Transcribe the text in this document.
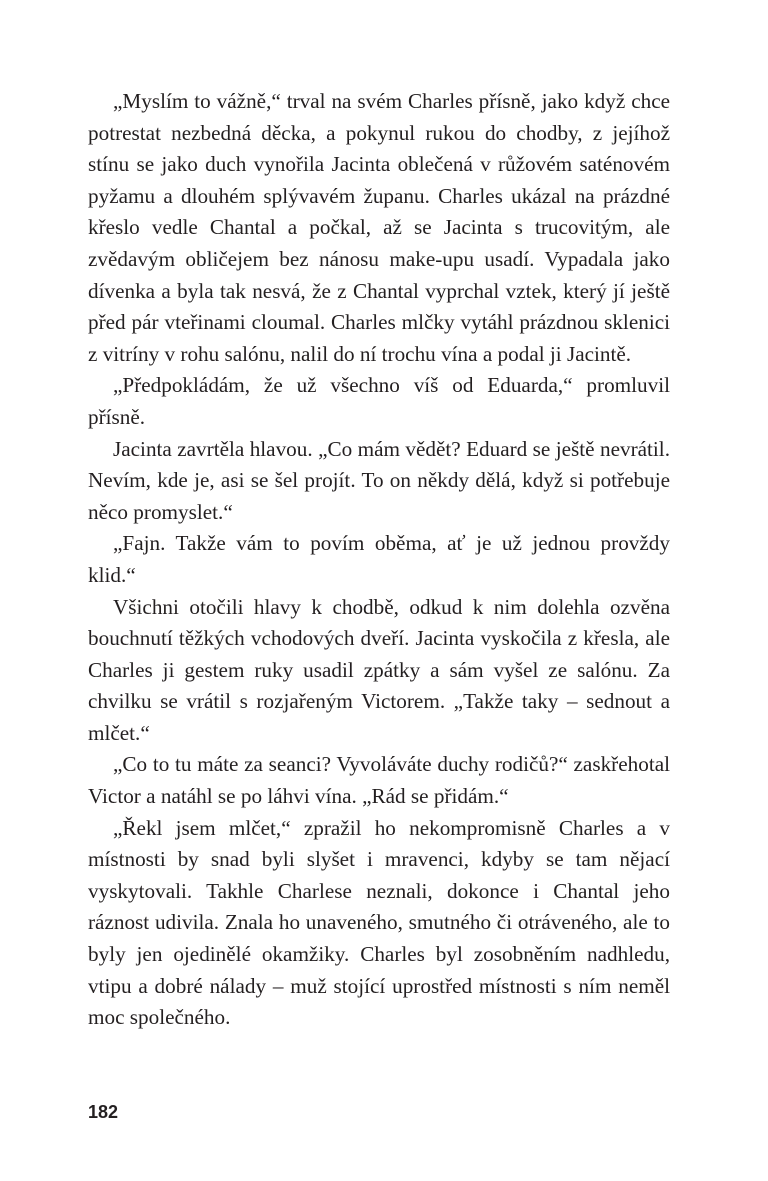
„Myslím to vážně,“ trval na svém Charles přísně, jako když chce potrestat nezbedná děcka, a pokynul rukou do chodby, z jejíhož stínu se jako duch vynořila Jacinta oblečená v růžovém saténovém pyžamu a dlouhém splývavém županu. Charles ukázal na prázdné křeslo vedle Chantal a počkal, až se Jacinta s trucovitým, ale zvědavým obličejem bez nánosu make-upu usadí. Vypadala jako dívenka a byla tak nesvá, že z Chantal vyprchal vztek, který jí ještě před pár vteřinami cloumal. Charles mlčky vytáhl prázdnou sklenici z vitríny v rohu salónu, nalil do ní trochu vína a podal ji Jacintě.

„Předpokládám, že už všechno víš od Eduarda,“ promluvil přísně.

Jacinta zavrtěla hlavou. „Co mám vědět? Eduard se ještě nevrátil. Nevím, kde je, asi se šel projít. To on někdy dělá, když si potřebuje něco promyslet.“

„Fajn. Takže vám to povím oběma, ať je už jednou provždy klid.“

Všichni otočili hlavy k chodbě, odkud k nim dolehla ozvěna bouchnutí těžkých vchodových dveří. Jacinta vyskočila z křesla, ale Charles ji gestem ruky usadil zpátky a sám vyšel ze salónu. Za chvilku se vrátil s rozjařeným Victorem. „Takže taky – sednout a mlčet.“

„Co to tu máte za seanci? Vyvoláváte duchy rodičů?“ zaskřehotal Victor a natáhl se po láhvi vína. „Rád se přidám.“

„Řekl jsem mlčet,“ zpražil ho nekompromisně Charles a v místnosti by snad byli slyšet i mravenci, kdyby se tam nějací vyskytovali. Takhle Charlese neznali, dokonce i Chantal jeho ráznost udivila. Znala ho unaveného, smutného či otráveného, ale to byly jen ojedinělé okamžiky. Charles byl zosobněním nadhledu, vtipu a dobré nálady – muž stojící uprostřed místnosti s ním neměl moc společného.

182
